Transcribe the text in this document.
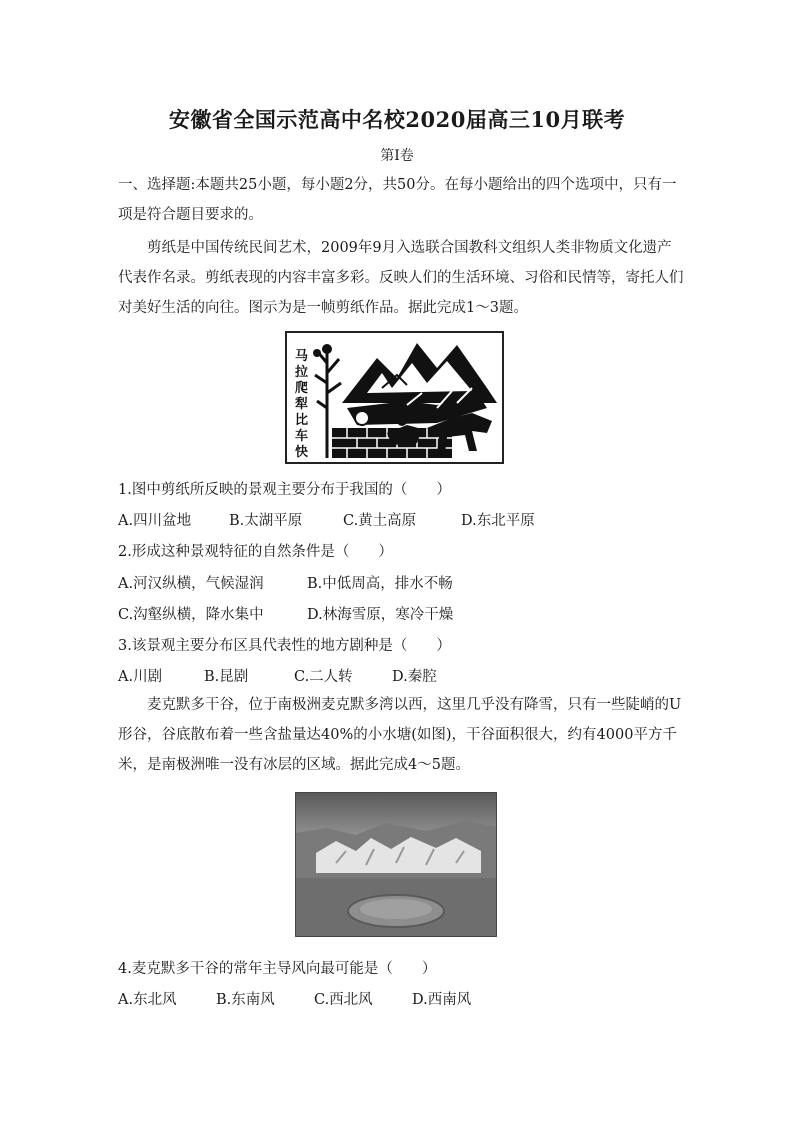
安徽省全国示范高中名校2020届高三10月联考
第Ⅰ卷

一、选择题:本题共25小题，每小题2分，共50分。在每小题给出的四个选项中，只有一项是符合题目要求的。

剪纸是中国传统民间艺术，2009年9月入选联合国教科文组织人类非物质文化遗产代表作名录。剪纸表现的内容丰富多彩。反映人们的生活环境、习俗和民情等，寄托人们对美好生活的向往。图示为是一帧剪纸作品。据此完成1～3题。

马
拉
爬
犁
比
车
快

1.图中剪纸所反映的景观主要分布于我国的（　　）

A.四川盆地	B.太湖平原	C.黄土高原	D.东北平原

2.形成这种景观特征的自然条件是（　　）

A.河汉纵横，气候湿润	B.中低周高，排水不畅
C.沟壑纵横，降水集中	D.林海雪原，寒冷干燥

3.该景观主要分布区具代表性的地方剧种是（　　）

A.川剧	B.昆剧	C.二人转	D.秦腔

麦克默多干谷，位于南极洲麦克默多湾以西，这里几乎没有降雪，只有一些陡峭的U形谷，谷底散布着一些含盐量达40%的小水塘(如图)，干谷面积很大，约有4000平方千米，是南极洲唯一没有冰层的区域。据此完成4～5题。

4.麦克默多干谷的常年主导风向最可能是（　　）

A.东北风	B.东南风	C.西北风	D.西南风
